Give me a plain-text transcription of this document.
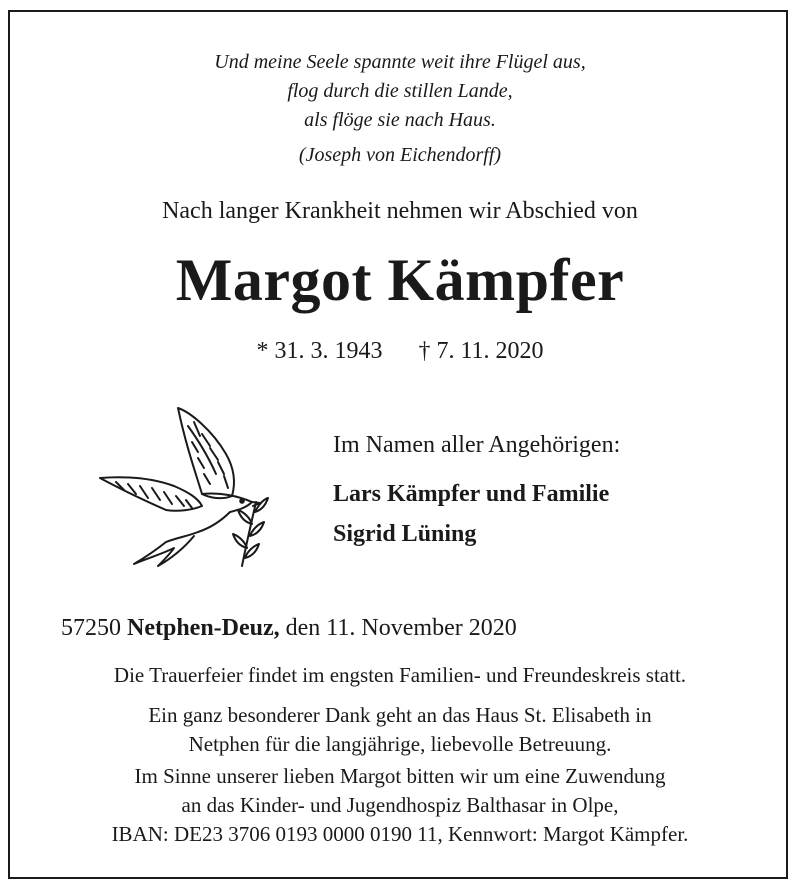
Und meine Seele spannte weit ihre Flügel aus,
flog durch die stillen Lande,
als flöge sie nach Haus.
(Joseph von Eichendorff)
Nach langer Krankheit nehmen wir Abschied von
Margot Kämpfer
* 31. 3. 1943 † 7. 11. 2020
Im Namen aller Angehörigen:
Lars Kämpfer und Familie
Sigrid Lüning
57250 Netphen-Deuz, den 11. November 2020
Die Trauerfeier findet im engsten Familien- und Freundeskreis statt.
Ein ganz besonderer Dank geht an das Haus St. Elisabeth in
Netphen für die langjährige, liebevolle Betreuung.
Im Sinne unserer lieben Margot bitten wir um eine Zuwendung
an das Kinder- und Jugendhospiz Balthasar in Olpe,
IBAN: DE23 3706 0193 0000 0190 11, Kennwort: Margot Kämpfer.
